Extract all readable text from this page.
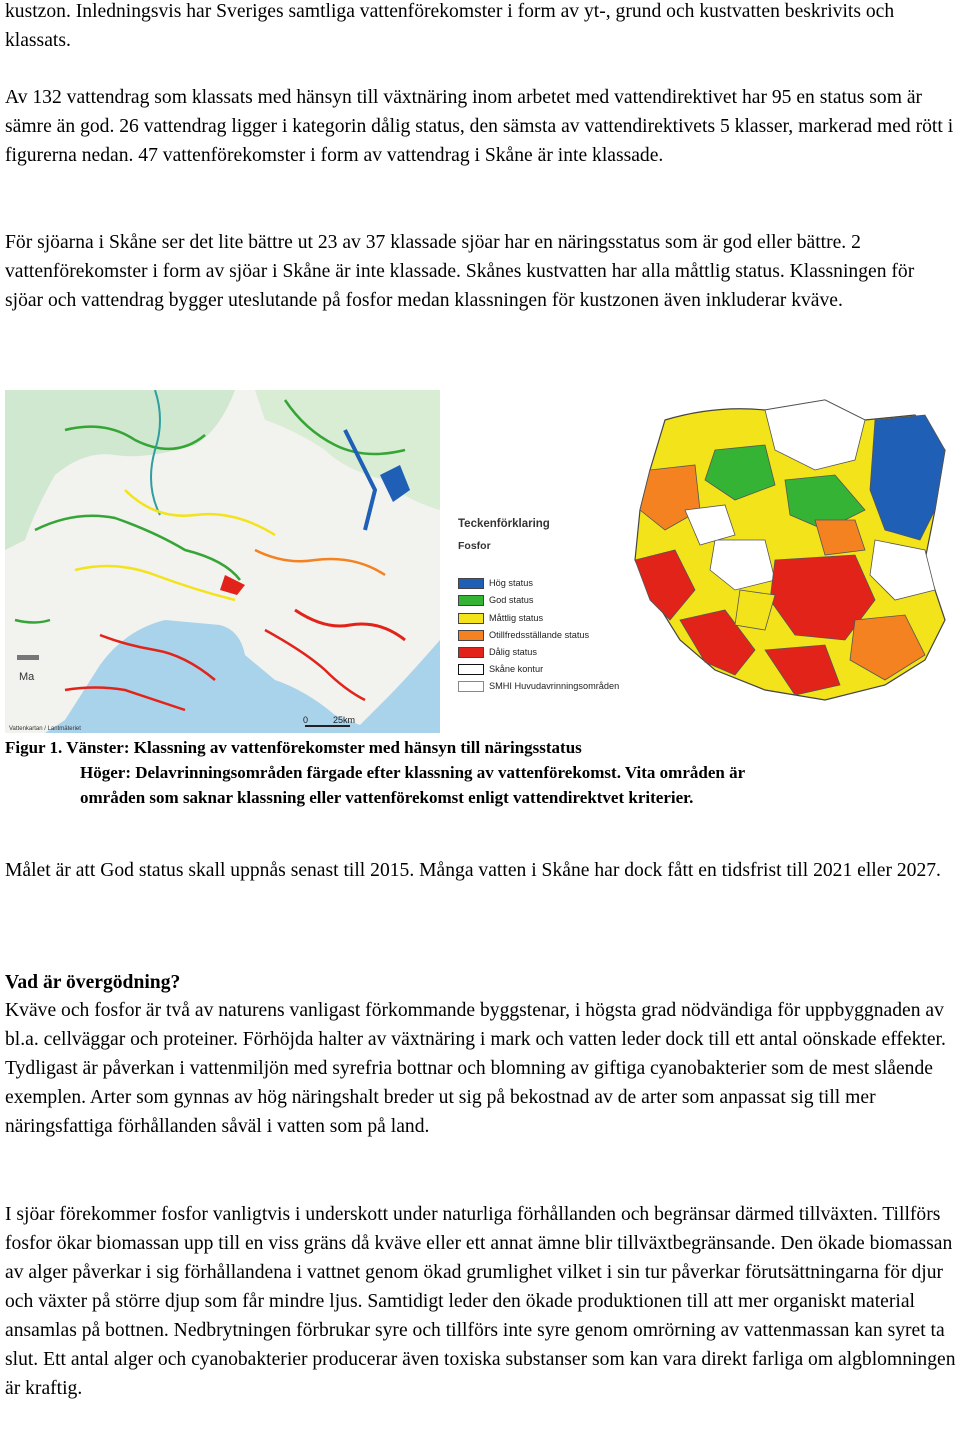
kustzon. Inledningsvis har Sveriges samtliga vattenförekomster i form av yt-, grund och kustvatten beskrivits och klassats.

Av 132 vattendrag som klassats med hänsyn till växtnäring inom arbetet med vattendirektivet har 95 en status som är sämre än god. 26 vattendrag ligger i kategorin dålig status, den sämsta av vattendirektivets 5 klasser, markerad med rött i figurerna nedan. 47 vattenförekomster i form av vattendrag i Skåne är inte klassade.

För sjöarna i Skåne ser det lite bättre ut 23 av 37 klassade sjöar har en näringsstatus som är god eller bättre. 2 vattenförekomster i form av sjöar i Skåne är inte klassade. Skånes kustvatten har alla måttlig status. Klassningen för sjöar och vattendrag bygger uteslutande på fosfor medan klassningen för kustzonen även inkluderar kväve.

Ma
0	25km
Vattenkartan / Lantmäteriet
Teckenförklaring
Fosfor
Hög status
God status
Måttlig status
Otillfredsställande status
Dålig status
Skåne kontur
SMHI Huvudavrinningsområden
Figur 1. Vänster: Klassning av vattenförekomster med hänsyn till näringsstatus
Höger: Delavrinningsområden färgade efter klassning av vattenförekomst. Vita områden är
områden som saknar klassning eller vattenförekomst enligt vattendirektvet kriterier.

Målet är att God status skall uppnås senast till 2015. Många vatten i Skåne har dock fått en tidsfrist till 2021 eller 2027.

Vad är övergödning?

Kväve och fosfor är två av naturens vanligast förkommande byggstenar, i högsta grad nödvändiga för uppbyggnaden av bl.a. cellväggar och proteiner. Förhöjda halter av växtnäring i mark och vatten leder dock till ett antal oönskade effekter. Tydligast är påverkan i vattenmiljön med syrefria bottnar och blomning av giftiga cyanobakterier som de mest slående exemplen. Arter som gynnas av hög näringshalt breder ut sig på bekostnad av de arter som anpassat sig till mer näringsfattiga förhållanden såväl i vatten som på land.

I sjöar förekommer fosfor vanligtvis i underskott under naturliga förhållanden och begränsar därmed tillväxten. Tillförs fosfor ökar biomassan upp till en viss gräns då kväve eller ett annat ämne blir tillväxtbegränsande. Den ökade biomassan av alger påverkar i sig förhållandena i vattnet genom ökad grumlighet vilket i sin tur påverkar förutsättningarna för djur och växter på större djup som får mindre ljus. Samtidigt leder den ökade produktionen till att mer organiskt material ansamlas på bottnen. Nedbrytningen förbrukar syre och tillförs inte syre genom omrörning av vattenmassan kan syret ta slut. Ett antal alger och cyanobakterier producerar även toxiska substanser som kan vara direkt farliga om algblomningen är kraftig.
